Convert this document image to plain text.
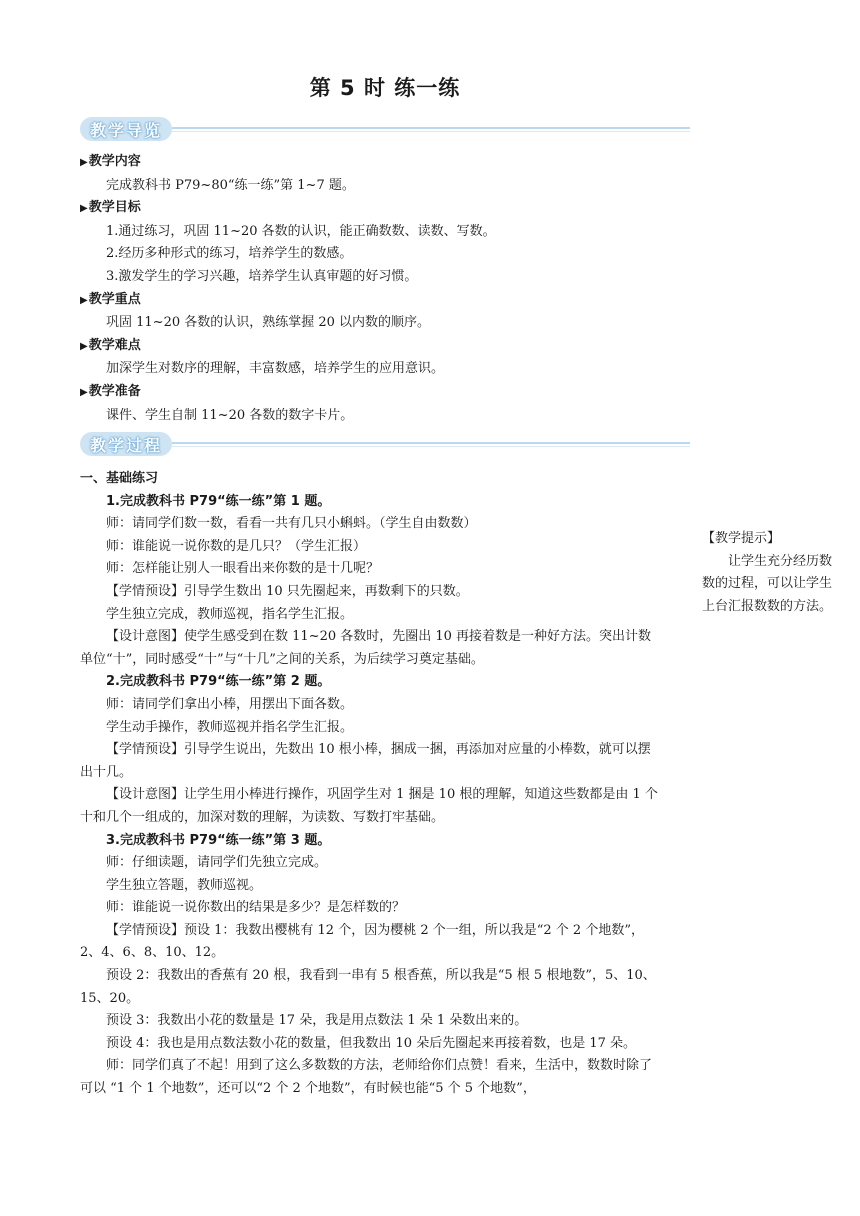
第 5 时 练一练
教学导览
▶教学内容

完成教科书 P79~80“练一练”第 1~7 题。

▶教学目标

1.通过练习，巩固 11~20 各数的认识，能正确数数、读数、写数。

2.经历多种形式的练习，培养学生的数感。

3.激发学生的学习兴趣，培养学生认真审题的好习惯。

▶教学重点

巩固 11~20 各数的认识，熟练掌握 20 以内数的顺序。

▶教学难点

加深学生对数序的理解，丰富数感，培养学生的应用意识。

▶教学准备

课件、学生自制 11~20 各数的数字卡片。

教学过程

一、基础练习

1.完成教科书 P79“练一练”第 1 题。

师：请同学们数一数，看看一共有几只小蝌蚪。（学生自由数数）

师：谁能说一说你数的是几只？（学生汇报）

师：怎样能让别人一眼看出来你数的是十几呢？

【学情预设】引导学生数出 10 只先圈起来，再数剩下的只数。

学生独立完成，教师巡视，指名学生汇报。

【设计意图】使学生感受到在数 11~20 各数时，先圈出 10 再接着数是一种好方法。突出计数单位“十”，同时感受“十”与“十几”之间的关系，为后续学习奠定基础。

2.完成教科书 P79“练一练”第 2 题。

师：请同学们拿出小棒，用摆出下面各数。

学生动手操作，教师巡视并指名学生汇报。

【学情预设】引导学生说出，先数出 10 根小棒，捆成一捆，再添加对应量的小棒数，就可以摆出十几。

【设计意图】让学生用小棒进行操作，巩固学生对 1 捆是 10 根的理解，知道这些数都是由 1 个十和几个一组成的，加深对数的理解，为读数、写数打牢基础。

3.完成教科书 P79“练一练”第 3 题。

师：仔细读题，请同学们先独立完成。

学生独立答题，教师巡视。

师：谁能说一说你数出的结果是多少？是怎样数的？

【学情预设】预设 1：我数出樱桃有 12 个，因为樱桃 2 个一组，所以我是“2 个 2 个地数”，2、4、6、8、10、12。

预设 2：我数出的香蕉有 20 根，我看到一串有 5 根香蕉，所以我是“5 根 5 根地数”，5、10、15、20。

预设 3：我数出小花的数量是 17 朵，我是用点数法 1 朵 1 朵数出来的。

预设 4：我也是用点数法数小花的数量，但我数出 10 朵后先圈起来再接着数，也是 17 朵。

师：同学们真了不起！用到了这么多数数的方法，老师给你们点赞！看来，生活中，数数时除了可以 “1 个 1 个地数”，还可以“2 个 2 个地数”，有时候也能“5 个 5 个地数”，

【教学提示】

让学生充分经历数数的过程，可以让学生上台汇报数数的方法。
